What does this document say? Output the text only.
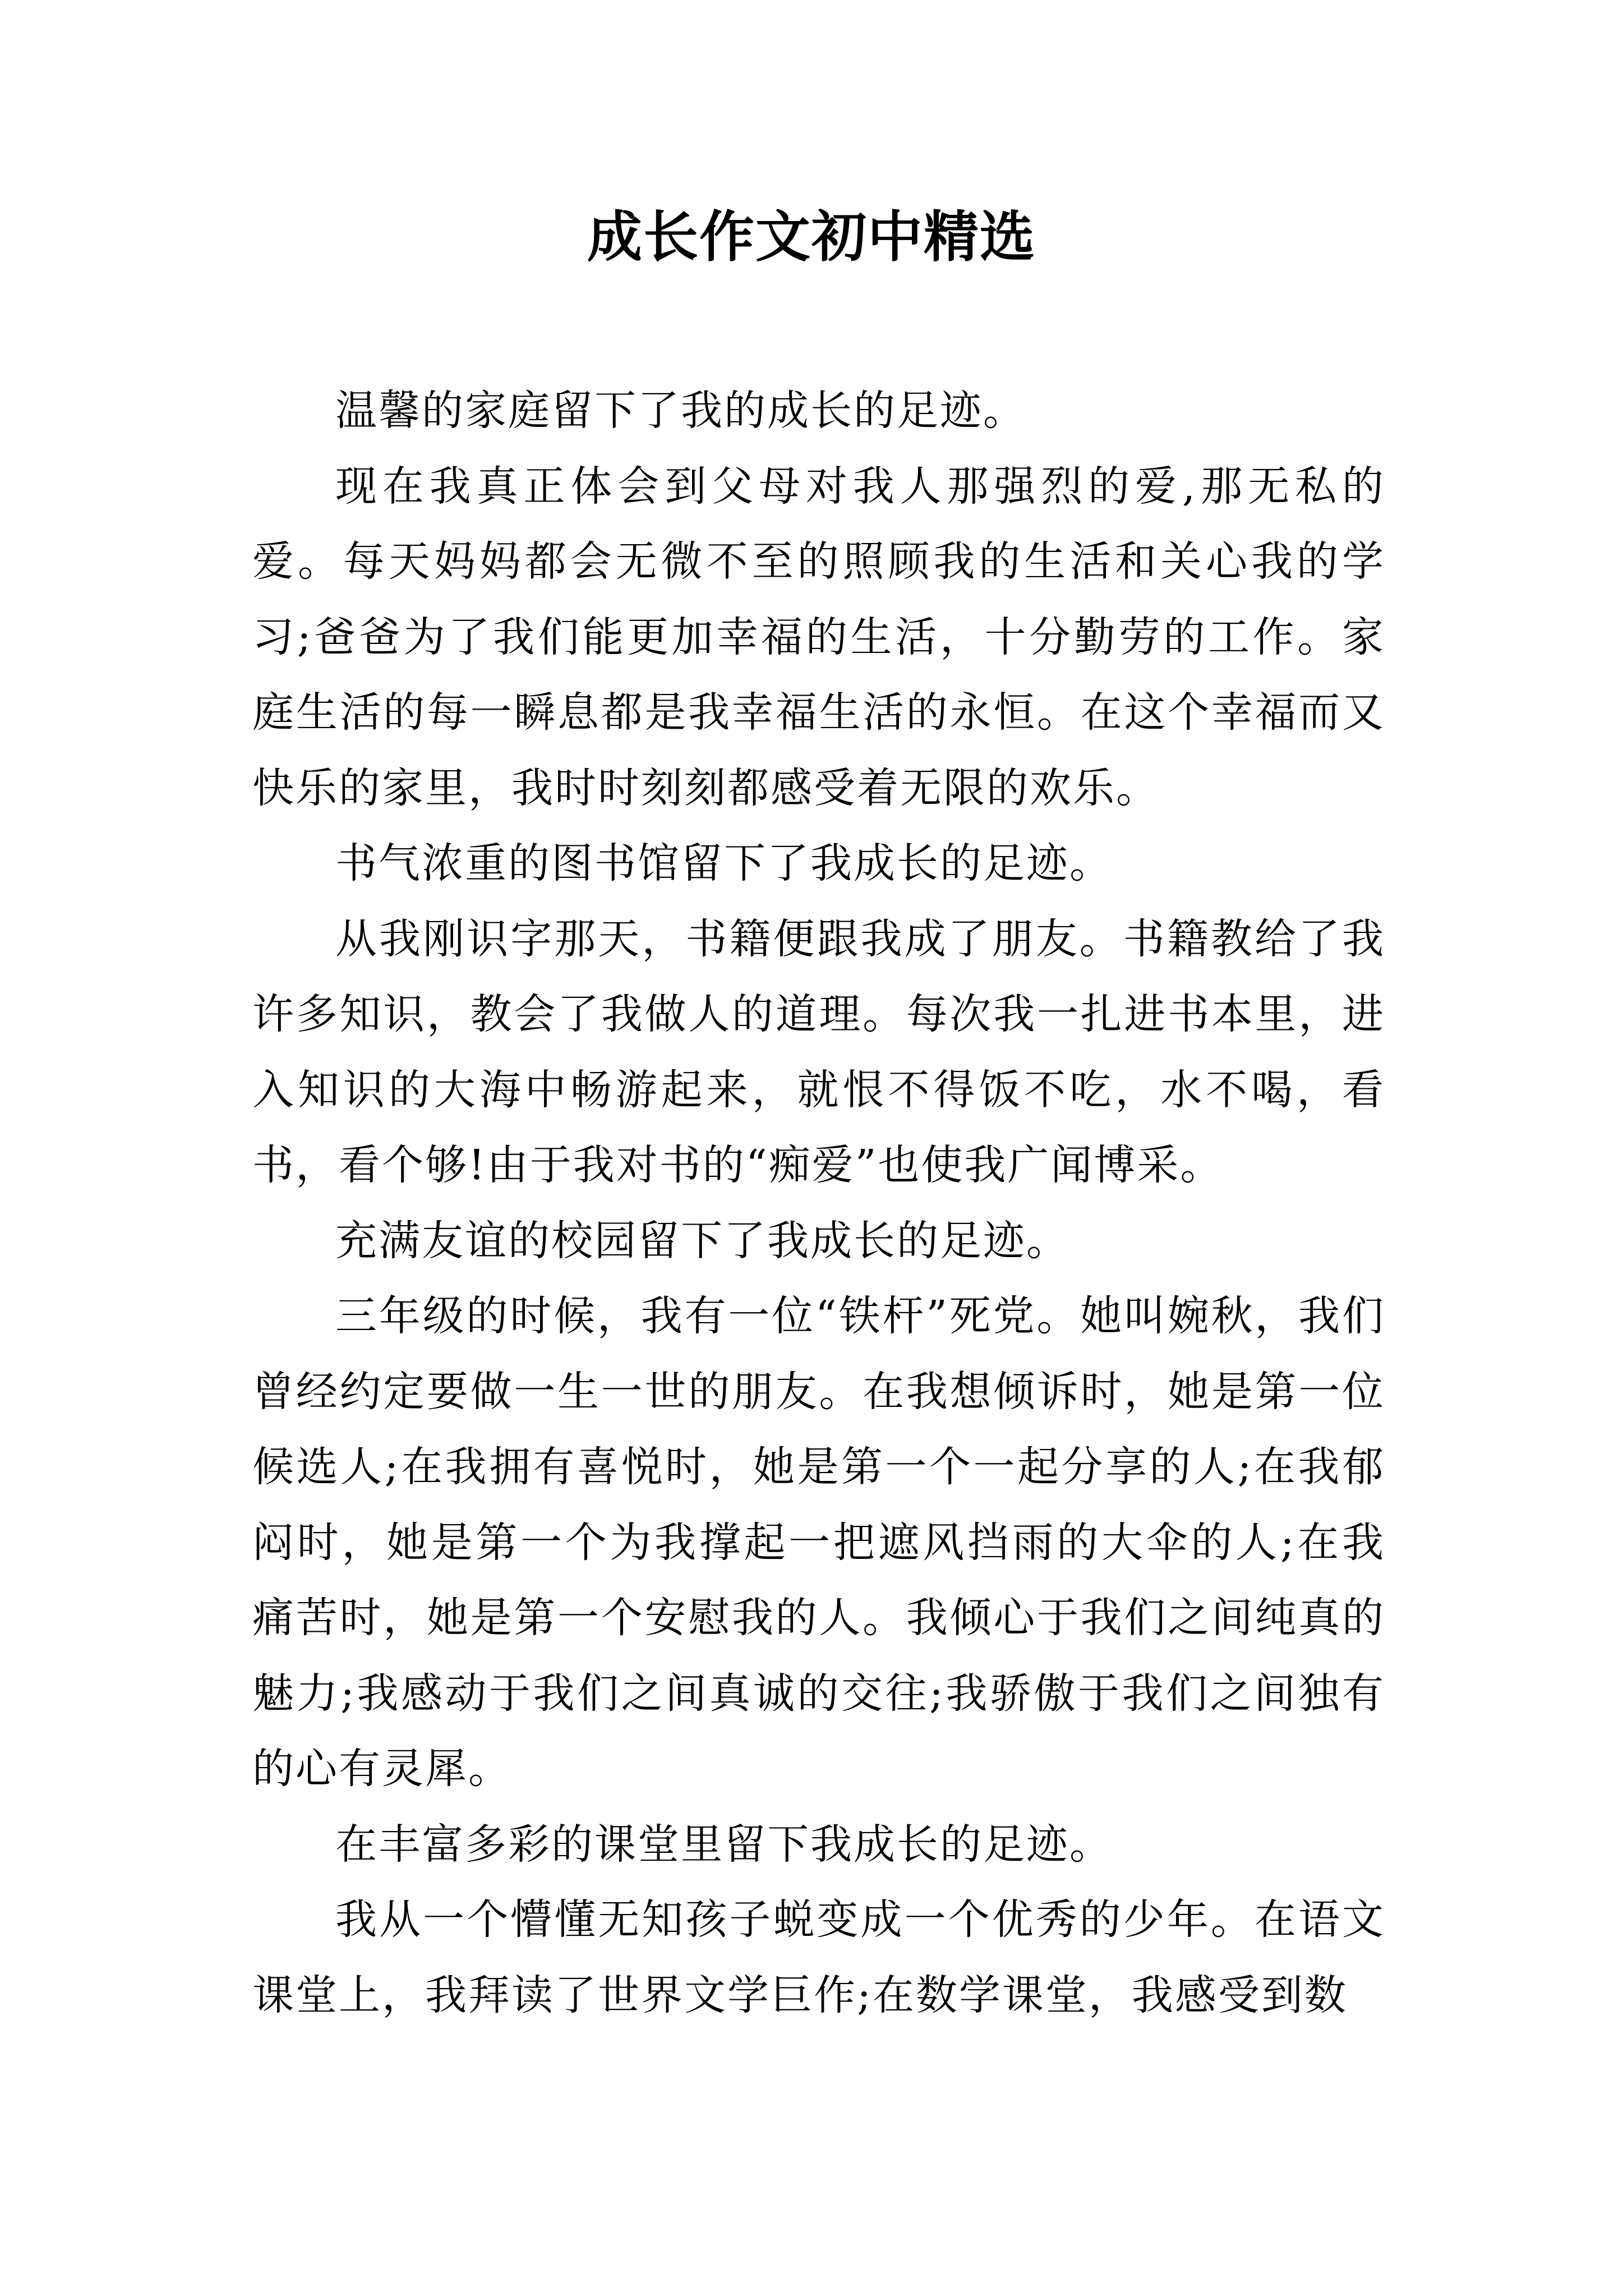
成长作文初中精选

温馨的家庭留下了我的成长的足迹。

现在我真正体会到父母对我人那强烈的爱,那无私的爱。每天妈妈都会无微不至的照顾我的生活和关心我的学习;爸爸为了我们能更加幸福的生活，十分勤劳的工作。家庭生活的每一瞬息都是我幸福生活的永恒。在这个幸福而又快乐的家里，我时时刻刻都感受着无限的欢乐。

书气浓重的图书馆留下了我成长的足迹。

从我刚识字那天，书籍便跟我成了朋友。书籍教给了我许多知识，教会了我做人的道理。每次我一扎进书本里，进入知识的大海中畅游起来，就恨不得饭不吃，水不喝，看书，看个够!由于我对书的“痴爱”也使我广闻博采。

充满友谊的校园留下了我成长的足迹。

三年级的时候，我有一位“铁杆”死党。她叫婉秋，我们曾经约定要做一生一世的朋友。在我想倾诉时，她是第一位候选人;在我拥有喜悦时，她是第一个一起分享的人;在我郁闷时，她是第一个为我撑起一把遮风挡雨的大伞的人;在我痛苦时，她是第一个安慰我的人。我倾心于我们之间纯真的魅力;我感动于我们之间真诚的交往;我骄傲于我们之间独有的心有灵犀。

在丰富多彩的课堂里留下我成长的足迹。

我从一个懵懂无知孩子蜕变成一个优秀的少年。在语文课堂上，我拜读了世界文学巨作;在数学课堂，我感受到数
